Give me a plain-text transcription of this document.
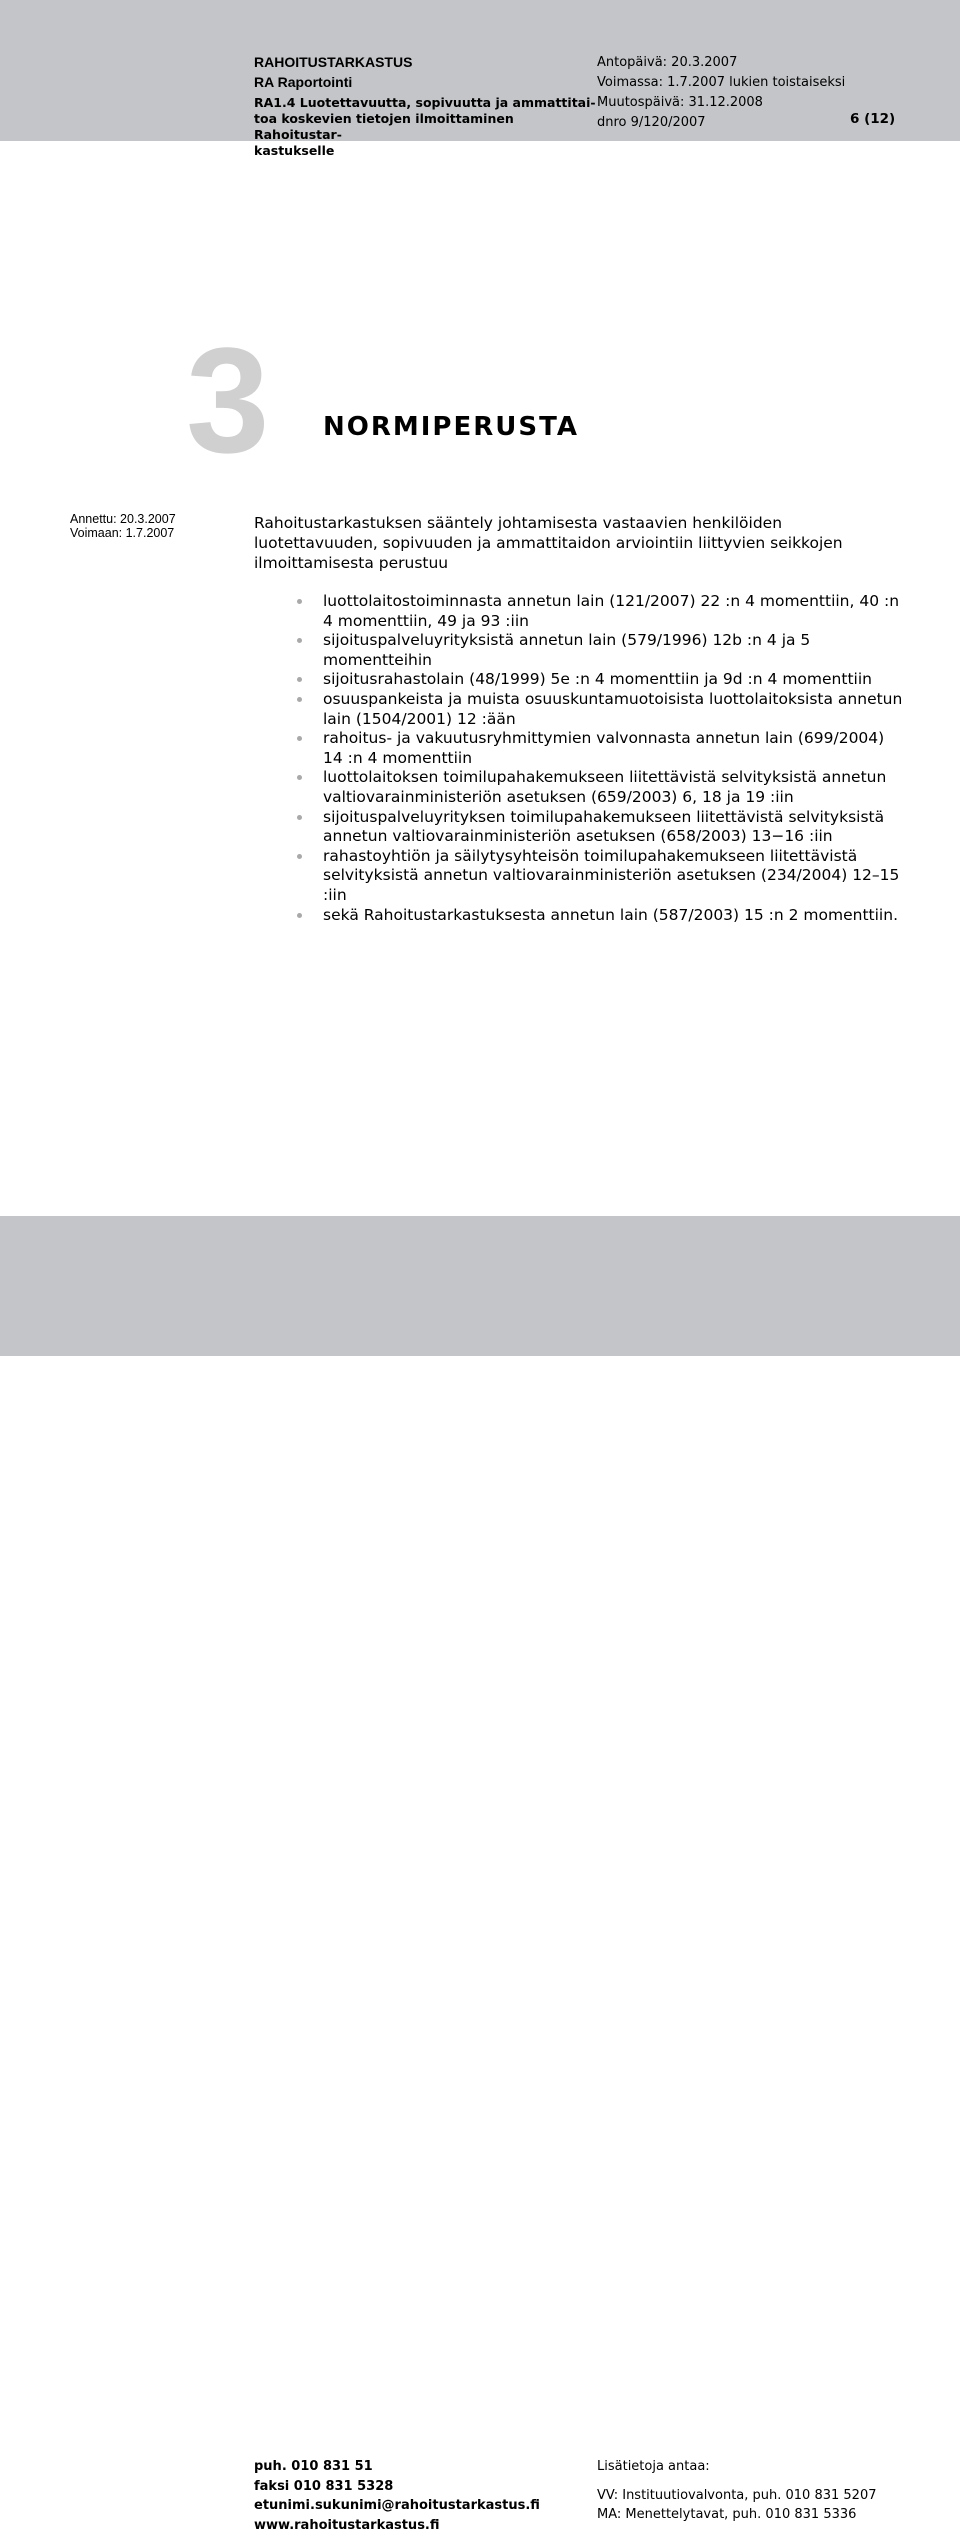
RAHOITUSTARKASTUS
RA Raportointi
RA1.4 Luotettavuutta, sopivuutta ja ammattitai-
toa koskevien tietojen ilmoittaminen Rahoitustar-
kastukselle
Antopäivä: 20.3.2007
Voimassa: 1.7.2007 lukien toistaiseksi
Muutospäivä: 31.12.2008
dnro 9/120/2007	6 (12)
3 NORMIPERUSTA
Annettu: 20.3.2007
Voimaan: 1.7.2007
Rahoitustarkastuksen sääntely johtamisesta vastaavien henkilöiden luotettavuuden, sopivuuden ja ammattitaidon arviointiin liittyvien seikkojen ilmoittamisesta perustuu
luottolaitostoiminnasta annetun lain (121/2007) 22 :n 4 momenttiin, 40 :n 4 momenttiin, 49 ja 93 :iin
sijoituspalveluyrityksistä annetun lain (579/1996) 12b :n 4 ja 5 momentteihin
sijoitusrahastolain (48/1999) 5e :n 4 momenttiin ja 9d :n 4 momenttiin
osuuspankeista ja muista osuuskuntamuotoisista luottolaitoksista annetun lain (1504/2001) 12 :ään
rahoitus- ja vakuutusryhmittymien valvonnasta annetun lain (699/2004) 14 :n 4 momenttiin
luottolaitoksen toimilupahakemukseen liitettävistä selvityksistä annetun valtiovarainministeriön asetuksen (659/2003) 6, 18 ja 19 :iin
sijoituspalveluyrityksen toimilupahakemukseen liitettävistä selvityksistä annetun valtiovarainministeriön asetuksen (658/2003) 13−16 :iin
rahastoyhtiön ja säilytysyhteisön toimilupahakemukseen liitettävistä selvityksistä annetun valtiovarainministeriön asetuksen (234/2004) 12–15 :iin
sekä Rahoitustarkastuksesta annetun lain (587/2003) 15 :n 2 momenttiin.
puh. 010 831 51
faksi 010 831 5328
etunimi.sukunimi@rahoitustarkastus.fi
www.rahoitustarkastus.fi
Lisätietoja antaa:
VV: Instituutiovalvonta, puh. 010 831 5207
MA: Menettelytavat, puh. 010 831 5336
